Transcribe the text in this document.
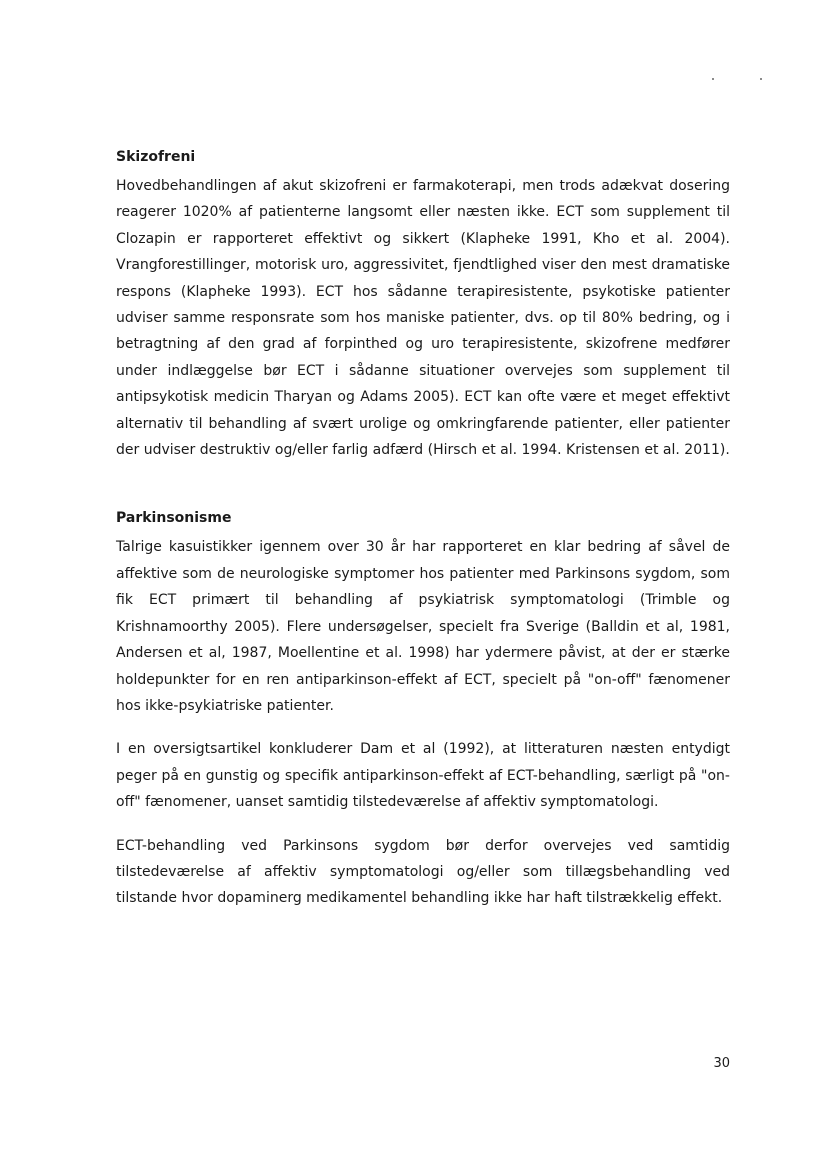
Skizofreni

Hovedbehandlingen af akut skizofreni er farmakoterapi, men trods adækvat dosering reagerer 1020% af patienterne langsomt eller næsten ikke. ECT som supplement til Clozapin er rapporteret effektivt og sikkert (Klapheke 1991, Kho et al. 2004). Vrangforestillinger, motorisk uro, aggressivitet, fjendtlighed viser den mest dramatiske respons (Klapheke 1993). ECT hos sådanne terapiresistente, psykotiske patienter udviser samme responsrate som hos maniske patienter, dvs. op til 80% bedring, og i betragtning af den grad af forpinthed og uro terapiresistente, skizofrene medfører under indlæggelse bør ECT i sådanne situationer overvejes som supplement til antipsykotisk medicin Tharyan og Adams 2005). ECT kan ofte være et meget effektivt alternativ til behandling af svært urolige og omkringfarende patienter, eller patienter der udviser destruktiv og/eller farlig adfærd (Hirsch et al. 1994. Kristensen et al. 2011).

Parkinsonisme

Talrige kasuistikker igennem over 30 år har rapporteret en klar bedring af såvel de affektive som de neurologiske symptomer hos patienter med Parkinsons sygdom, som fik ECT primært til behandling af psykiatrisk symptomatologi (Trimble og Krishnamoorthy 2005). Flere undersøgelser, specielt fra Sverige (Balldin et al, 1981, Andersen et al, 1987, Moellentine et al. 1998) har ydermere påvist, at der er stærke holdepunkter for en ren antiparkinson-effekt af ECT, specielt på "on-off" fænomener hos ikke-psykiatriske patienter.

I en oversigtsartikel konkluderer Dam et al (1992), at litteraturen næsten entydigt peger på en gunstig og specifik antiparkinson-effekt af ECT-behandling, særligt på "on-off" fænomener, uanset samtidig tilstedeværelse af affektiv symptomatologi.

ECT-behandling ved Parkinsons sygdom bør derfor overvejes ved samtidig tilstedeværelse af affektiv symptomatologi og/eller som tillægsbehandling ved tilstande hvor dopaminerg medikamentel behandling ikke har haft tilstrækkelig effekt.

30
